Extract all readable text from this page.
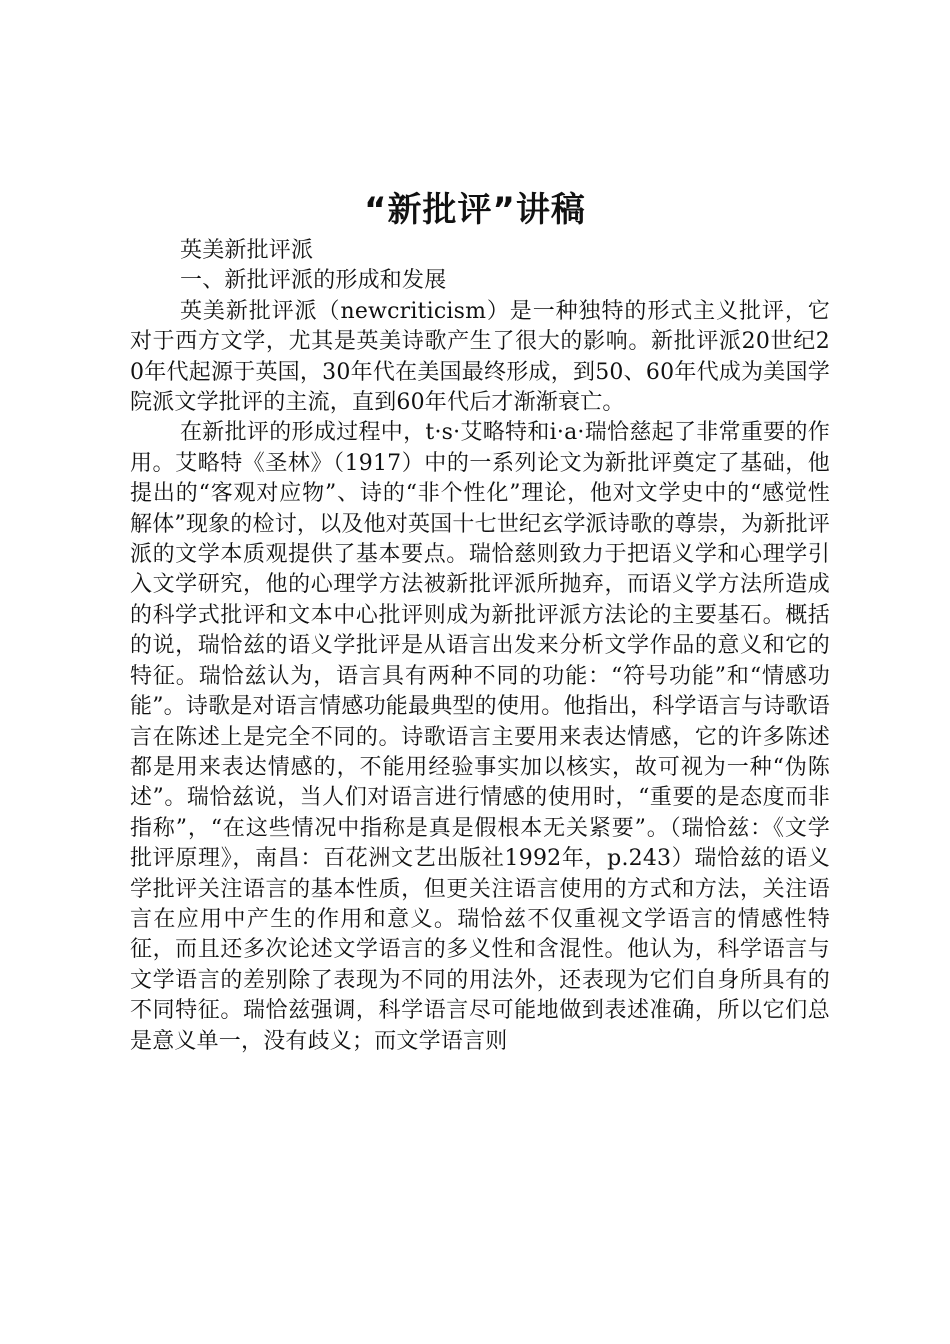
“新批评”讲稿

英美新批评派

一、新批评派的形成和发展

英美新批评派（newcriticism）是一种独特的形式主义批评，它对于西方文学，尤其是英美诗歌产生了很大的影响。新批评派20世纪20年代起源于英国，30年代在美国最终形成，到50、60年代成为美国学院派文学批评的主流，直到60年代后才渐渐衰亡。

在新批评的形成过程中，t·s·艾略特和i·a·瑞恰慈起了非常重要的作用。艾略特《圣林》（1917）中的一系列论文为新批评奠定了基础，他提出的“客观对应物”、诗的“非个性化”理论，他对文学史中的“感觉性解体”现象的检讨，以及他对英国十七世纪玄学派诗歌的尊崇，为新批评派的文学本质观提供了基本要点。瑞恰慈则致力于把语义学和心理学引入文学研究，他的心理学方法被新批评派所抛弃，而语义学方法所造成的科学式批评和文本中心批评则成为新批评派方法论的主要基石。概括的说，瑞恰兹的语义学批评是从语言出发来分析文学作品的意义和它的特征。瑞恰兹认为，语言具有两种不同的功能：“符号功能”和“情感功能”。诗歌是对语言情感功能最典型的使用。他指出，科学语言与诗歌语言在陈述上是完全不同的。诗歌语言主要用来表达情感，它的许多陈述都是用来表达情感的，不能用经验事实加以核实，故可视为一种“伪陈述”。瑞恰兹说，当人们对语言进行情感的使用时，“重要的是态度而非指称”，“在这些情况中指称是真是假根本无关紧要”。（瑞恰兹：《文学批评原理》，南昌：百花洲文艺出版社1992年，p.243）瑞恰兹的语义学批评关注语言的基本性质，但更关注语言使用的方式和方法，关注语言在应用中产生的作用和意义。瑞恰兹不仅重视文学语言的情感性特征，而且还多次论述文学语言的多义性和含混性。他认为，科学语言与文学语言的差别除了表现为不同的用法外，还表现为它们自身所具有的不同特征。瑞恰兹强调，科学语言尽可能地做到表述准确，所以它们总是意义单一，没有歧义；而文学语言则
